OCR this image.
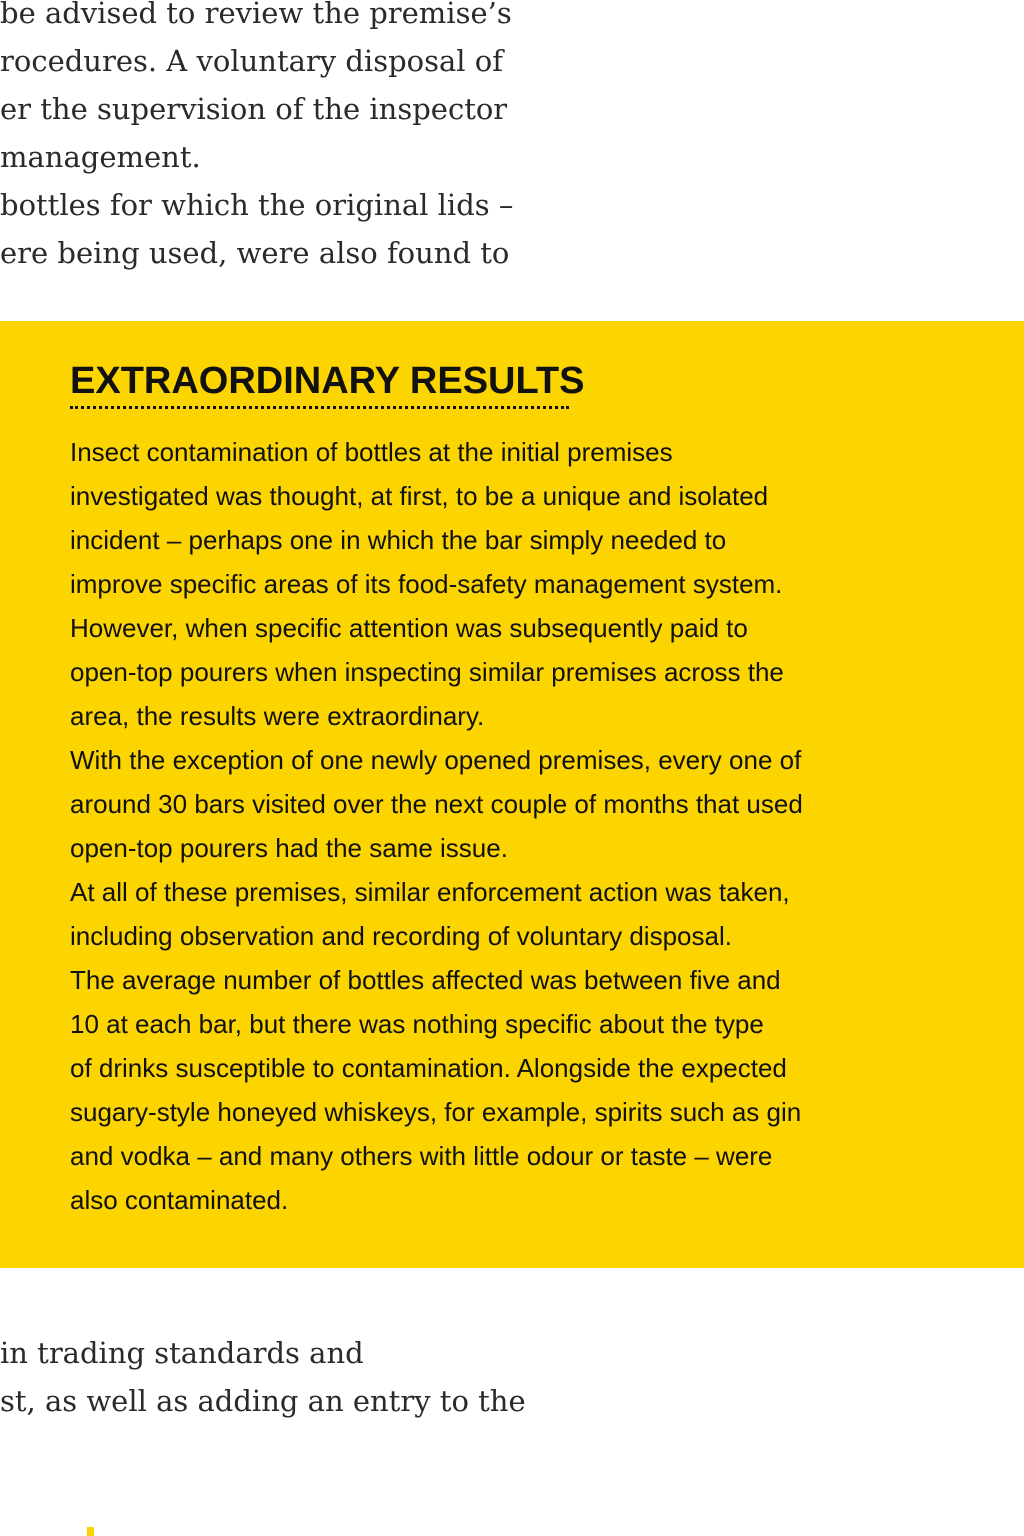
be advised to review the premise’s
rocedures. A voluntary disposal of
er the supervision of the inspector
management.
bottles for which the original lids –
ere being used, were also found to
EXTRAORDINARY RESULTS
Insect contamination of bottles at the initial premises
investigated was thought, at first, to be a unique and isolated
incident – perhaps one in which the bar simply needed to
improve specific areas of its food-safety management system.
However, when specific attention was subsequently paid to
open-top pourers when inspecting similar premises across the
area, the results were extraordinary.
With the exception of one newly opened premises, every one of
around 30 bars visited over the next couple of months that used
open-top pourers had the same issue.
At all of these premises, similar enforcement action was taken,
including observation and recording of voluntary disposal.
The average number of bottles affected was between five and
10 at each bar, but there was nothing specific about the type
of drinks susceptible to contamination. Alongside the expected
sugary-style honeyed whiskeys, for example, spirits such as gin
and vodka – and many others with little odour or taste – were
also contaminated.
in trading standards and
st, as well as adding an entry to the
